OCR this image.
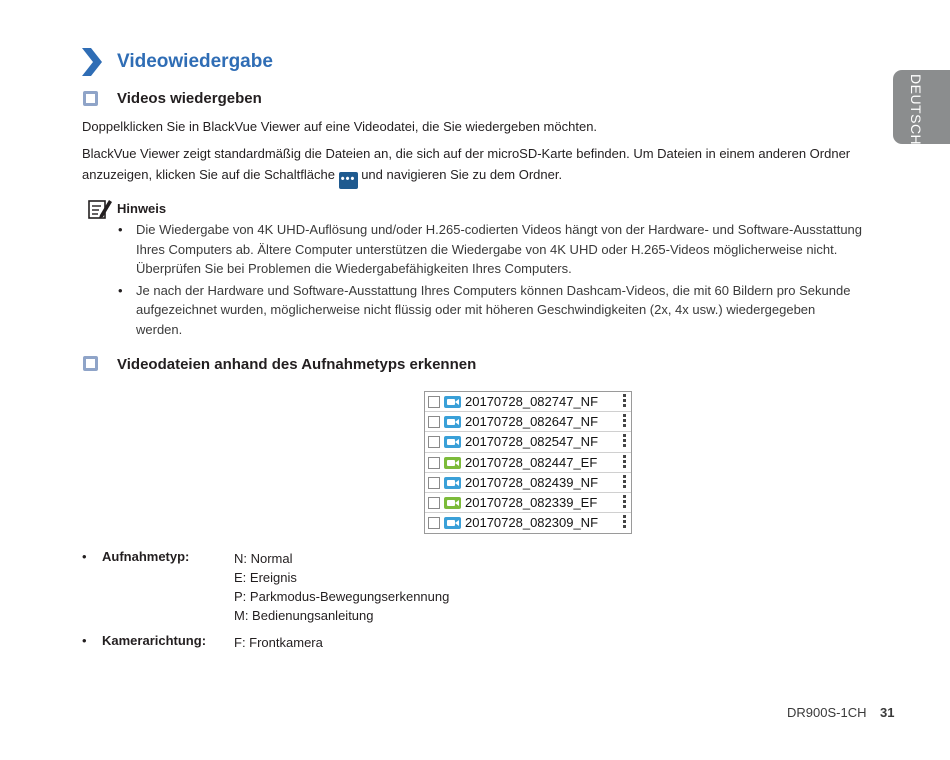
DEUTSCH
Videowiedergabe
Videos wiedergeben
Doppelklicken Sie in BlackVue Viewer auf eine Videodatei, die Sie wiedergeben möchten.
BlackVue Viewer zeigt standardmäßig die Dateien an, die sich auf der microSD-Karte befinden. Um Dateien in einem anderen Ordner
anzuzeigen, klicken Sie auf die Schaltfläche ••• und navigieren Sie zu dem Ordner.
Hinweis
• Die Wiedergabe von 4K UHD-Auflösung und/oder H.265-codierten Videos hängt von der Hardware- und Software-Ausstattung Ihres Computers ab. Ältere Computer unterstützen die Wiedergabe von 4K UHD oder H.265-Videos möglicherweise nicht. Überprüfen Sie bei Problemen die Wiedergabefähigkeiten Ihres Computers.
• Je nach der Hardware und Software-Ausstattung Ihres Computers können Dashcam-Videos, die mit 60 Bildern pro Sekunde aufgezeichnet wurden, möglicherweise nicht flüssig oder mit höheren Geschwindigkeiten (2x, 4x usw.) wiedergegeben werden.
Videodateien anhand des Aufnahmetyps erkennen
20170728_082747_NF
20170728_082647_NF
20170728_082547_NF
20170728_082447_EF
20170728_082439_NF
20170728_082339_EF
20170728_082309_NF
• Aufnahmetyp:	N: Normal
E: Ereignis
P: Parkmodus-Bewegungserkennung
M: Bedienungsanleitung
• Kamerarichtung: F: Frontkamera
DR900S-1CH 31
